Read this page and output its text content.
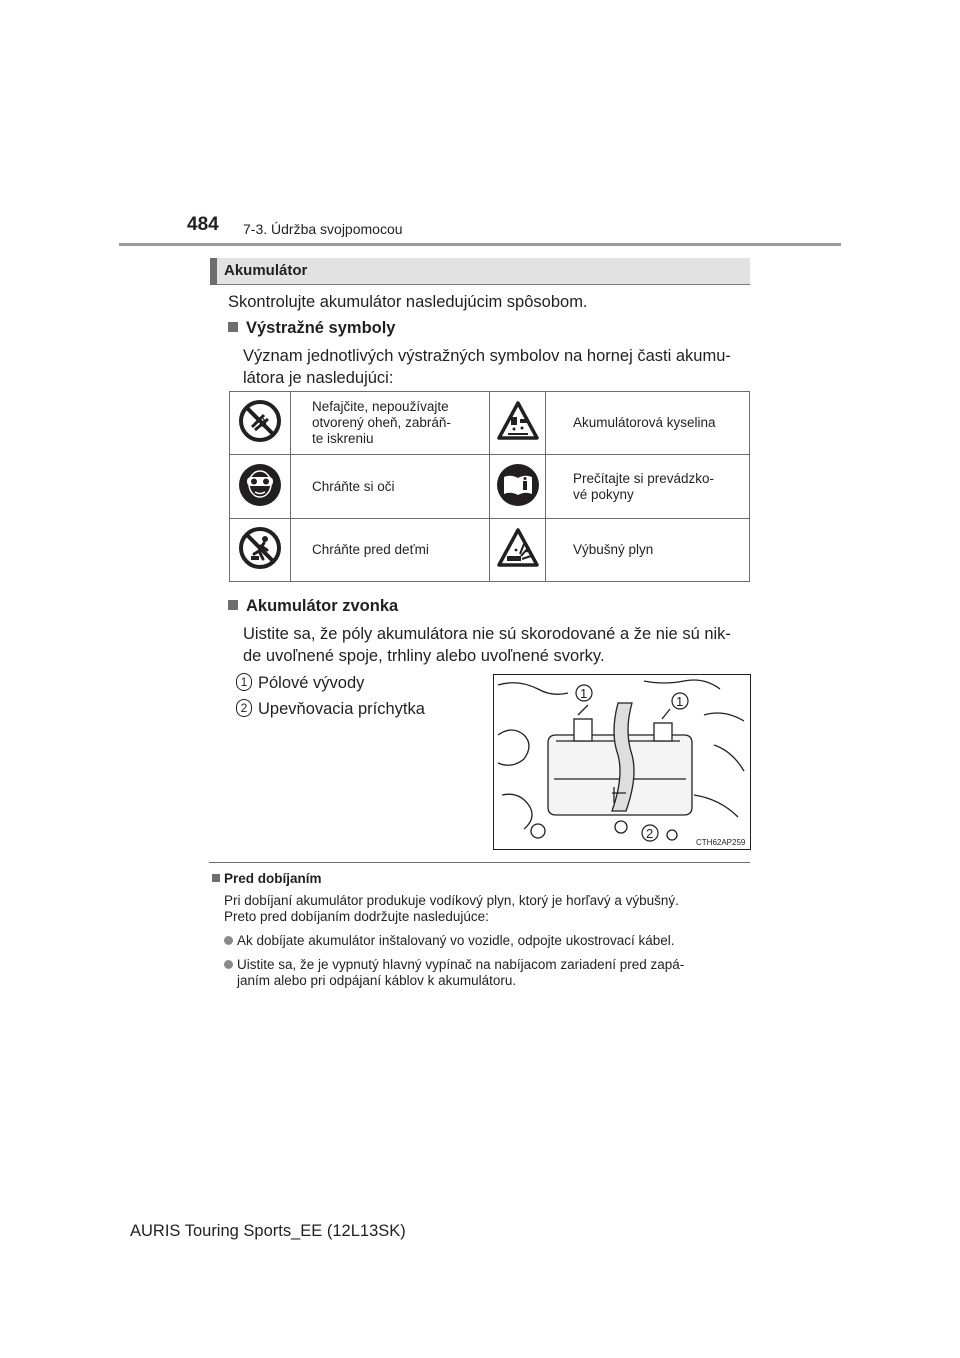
484 7-3. Údržba svojpomocou
Akumulátor
Skontrolujte akumulátor nasledujúcim spôsobom.
Výstražné symboly
Význam jednotlivých výstražných symbolov na hornej časti akumu-
látora je nasledujúci:

Nefajčite, nepoužívajte
otvorený oheň, zabráň-
te iskreniu		Akumulátorová kyselina

Chráňte si oči		Prečítajte si prevádzko-
vé pokyny

Chráňte pred deťmi		Výbušný plyn
Akumulátor zvonka
Uistite sa, že póly akumulátora nie sú skorodované a že nie sú nik-
de uvoľnené spoje, trhliny alebo uvoľnené svorky.
1 Pólové vývody
2 Upevňovacia príchytka
1
1
2
CTH62AP259
Pred dobíjaním
Pri dobíjaní akumulátor produkuje vodíkový plyn, ktorý je horľavý a výbušný.
Preto pred dobíjaním dodržujte nasledujúce:
Ak dobíjate akumulátor inštalovaný vo vozidle, odpojte ukostrovací kábel.
Uistite sa, že je vypnutý hlavný vypínač na nabíjacom zariadení pred zapá-
janím alebo pri odpájaní káblov k akumulátoru.
AURIS Touring Sports_EE (12L13SK)
